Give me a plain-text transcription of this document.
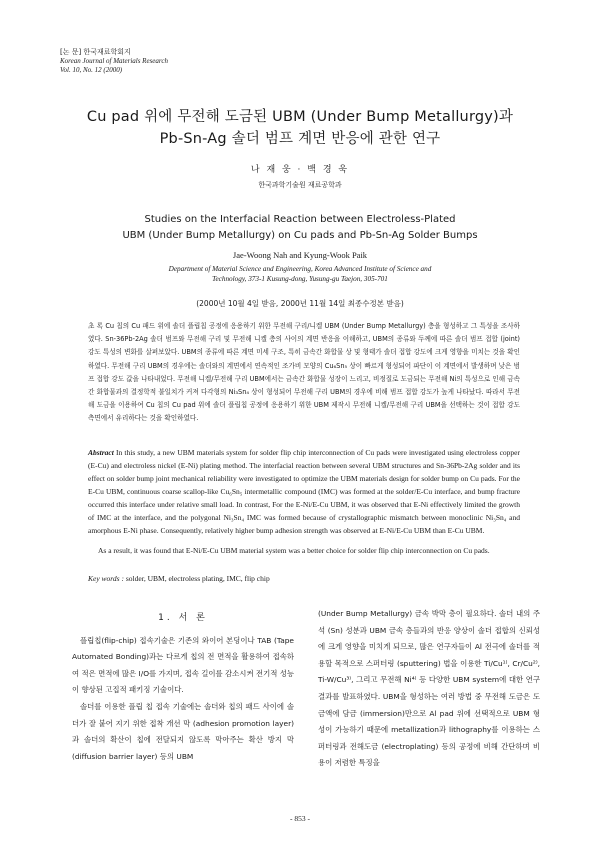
[논 문] 한국재료학회지
Korean Journal of Materials Research
Vol. 10, No. 12 (2000)
Cu pad 위에 무전해 도금된 UBM (Under Bump Metallurgy)과
Pb-Sn-Ag 솔더 범프 계면 반응에 관한 연구
나 재 웅 · 백 경 욱
한국과학기술원 재료공학과
Studies on the Interfacial Reaction between Electroless-Plated
UBM (Under Bump Metallurgy) on Cu pads and Pb-Sn-Ag Solder Bumps
Jae-Woong Nah and Kyung-Wook Paik
Department of Material Science and Engineering, Korea Advanced Institute of Science and
Technology, 373-1 Kusung-dong, Yusung-gu Taejon, 305-701
(2000년 10월 4일 받음, 2000년 11월 14일 최종수정본 받음)
초 록 Cu 칩의 Cu 패드 위에 솔더 플립칩 공정에 응용하기 위한 무전해 구리/니켈 UBM (Under Bump Metallurgy) 층을 형성하고 그 특성을 조사하였다. Sn-36Pb-2Ag 솔더 범프와 무전해 구리 및 무전해 니켈 층의 사이의 계면 반응을 이해하고, UBM의 종류와 두께에 따른 솔더 범프 접합 (joint) 강도 특성의 변화를 살펴보았다. UBM의 종류에 따른 계면 미세 구조, 특히 금속간 화합물 상 및 형태가 솔더 접합 강도에 크게 영향을 미치는 것을 확인하였다. 무전해 구리 UBM의 경우에는 솔더와의 계면에서 연속적인 조가비 모양의 Cu₆Sn₅ 상이 빠르게 형성되어 파단이 이 계면에서 발생하며 낮은 범프 접합 강도 값을 나타내었다. 무전해 니켈/무전해 구리 UBM에서는 금속간 화합물 성장이 느리고, 비정질로 도금되는 무전해 Ni의 특성으로 인해 금속간 화합물과의 결정학적 불일치가 커져 다각형의 Ni₃Sn₄ 상이 형성되어 무전해 구리 UBM의 경우에 비해 범프 접합 강도가 높게 나타났다. 따라서 무전해 도금을 이용하여 Cu 칩의 Cu pad 위에 솔더 플립칩 공정에 응용하기 위한 UBM 제작시 무전해 니켈/무전해 구리 UBM을 선택하는 것이 접합 강도 측면에서 유리하다는 것을 확인하였다.
Abstract In this study, a new UBM materials system for solder flip chip interconnection of Cu pads were investigated using electroless copper (E-Cu) and electroless nickel (E-Ni) plating method. The interfacial reaction between several UBM structures and Sn-36Pb-2Ag solder and its effect on solder bump joint mechanical reliability were investigated to optimize the UBM materials design for solder bump on Cu pads. For the E-Cu UBM, continuous coarse scallop-like Cu₆Sn₅ intermetallic compound (IMC) was formed at the solder/E-Cu interface, and bump fracture occurred this interface under relative small load. In contrast, For the E-Ni/E-Cu UBM, it was observed that E-Ni effectively limited the growth of IMC at the interface, and the polygonal Ni₃Sn₄ IMC was formed because of crystallographic mismatch between monoclinic Ni₃Sn₄ and amorphous E-Ni phase. Consequently, relatively higher bump adhesion strength was observed at E-Ni/E-Cu UBM than E-Cu UBM.
As a result, it was found that E-Ni/E-Cu UBM material system was a better choice for solder flip chip interconnection on Cu pads.
Key words : solder, UBM, electroless plating, IMC, flip chip
1. 서 론
플립칩(flip-chip) 접속기술은 기존의 와이어 본딩이나 TAB (Tape Automated Bonding)과는 다르게 칩의 전 면적을 활용하여 접속하여 적은 면적에 많은 I/O를 가지며, 접속 길이를 감소시켜 전기적 성능이 향상된 고집적 패키징 기술이다.
솔더를 이용한 플립 칩 접속 기술에는 솔더와 칩의 패드 사이에 솔더가 잘 붙어 지기 위한 접착 개선 막 (adhesion promotion layer)과 솔더의 확산이 칩에 전달되지 않도록 막아주는 확산 방지 막(diffusion barrier layer) 등의 UBM
(Under Bump Metallurgy) 금속 박막 층이 필요하다. 솔더 내의 주석 (Sn) 성분과 UBM 금속 층들과의 반응 양상이 솔더 접합의 신뢰성에 크게 영향을 미치게 되므로, 많은 연구자들이 Al 전극에 솔더를 적용할 목적으로 스퍼터링 (sputtering) 법을 이용한 Ti/Cu¹⁾, Cr/Cu²⁾, Ti-W/Cu³⁾, 그리고 무전해 Ni⁴⁾ 등 다양한 UBM system에 대한 연구 결과를 발표하였다. UBM을 형성하는 여러 방법 중 무전해 도금은 도금액에 담금 (immersion)만으로 Al pad 위에 선택적으로 UBM 형성이 가능하기 때문에 metallization과 lithography를 이용하는 스퍼터링과 전해도금 (electroplating) 등의 공정에 비해 간단하며 비용이 저렴한 특징을
- 853 -
